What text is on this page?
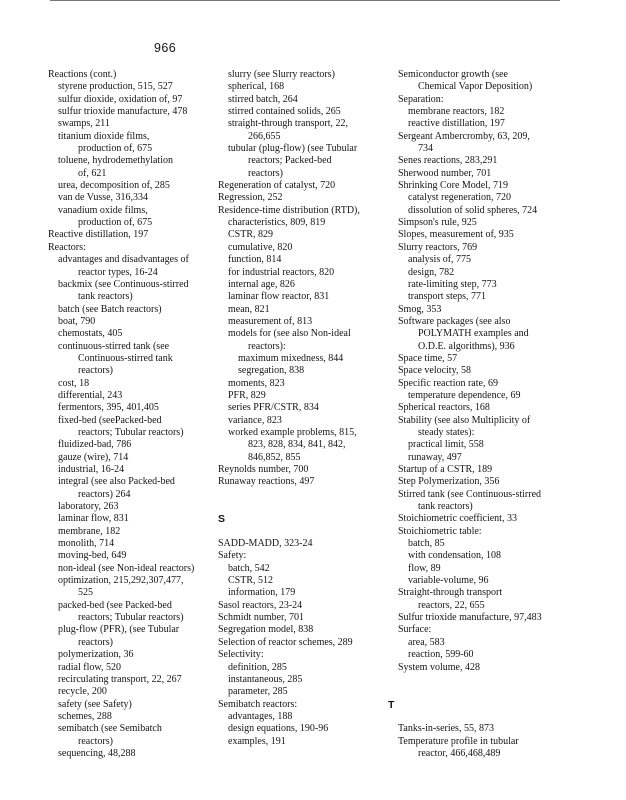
966
Reactions (cont.)
styrene production, 515, 527
sulfur dioxide, oxidation of, 97
sulfur trioxide manufacture, 478
swamps, 211
titanium dioxide films,
production of, 675
toluene, hydrodemethylation
of, 621
urea, decomposition of, 285
van de Vusse, 316,334
vanadium oxide films,
production of, 675
Reactive distillation, 197
Reactors:
advantages and disadvantages of
reactor types, 16-24
backmix (see Continuous-stirred
tank reactors)
batch (see Batch reactors)
boat, 790
chemostats, 405
continuous-stirred tank (see
Continuous-stirred tank
reactors)
cost, 18
differential, 243
fermentors, 395, 401,405
fixed-bed (seePacked-bed
reactors; Tubular reactors)
fluidized-bad, 786
gauze (wire), 714
industrial, 16-24
integral (see also Packed-bed
reactors) 264
laboratory, 263
laminar flow, 831
membrane, 182
monolith, 714
moving-bed, 649
non-ideal (see Non-ideal reactors)
optimization, 215,292,307,477,
525
packed-bed (see Packed-bed
reactors; Tubular reactors)
plug-flow (PFR), (see Tubular
reactors)
polymerization, 36
radial flow, 520
recirculating transport, 22, 267
recycle, 200
safety (see Safety)
schemes, 288
semibatch (see Semibatch
reactors)
sequencing, 48,288
slurry (see Slurry reactors)
spherical, 168
stirred batch, 264
stirred contained solids, 265
straight-through transport, 22,
266,655
tubular (plug-flow) (see Tubular
reactors; Packed-bed
reactors)
Regeneration of catalyst, 720
Regression, 252
Residence-time distribution (RTD),
characteristics, 809, 819
CSTR, 829
cumulative, 820
function, 814
for industrial reactors, 820
internal age, 826
laminar flow reactor, 831
mean, 821
measurement of, 813
models for (see also Non-ideal
reactors):
maximum mixedness, 844
segregation, 838
moments, 823
PFR, 829
series PFR/CSTR, 834
variance, 823
worked example problems, 815,
823, 828, 834, 841, 842,
846,852, 855
Reynolds number, 700
Runaway reactions, 497
S
SADD-MADD, 323-24
Safety:
batch, 542
CSTR, 512
information, 179
Sasol reactors, 23-24
Schmidt number, 701
Segregation model, 838
Selection of reactor schemes, 289
Selectivity:
definition, 285
instantaneous, 285
parameter, 285
Semibatch reactors:
advantages, 188
design equations, 190-96
examples, 191
Semiconductor growth (see
Chemical Vapor Deposition)
Separation:
membrane reactors, 182
reactive distillation, 197
Sergeant Ambercromby, 63, 209,
734
Senes reactions, 283,291
Sherwood number, 701
Shrinking Core Model, 719
catalyst regeneration, 720
dissolution of solid spheres, 724
Simpson's rule, 925
Slopes, measurement of, 935
Slurry reactors, 769
analysis of, 775
design, 782
rate-limiting step, 773
transport steps, 771
Smog, 353
Software packages (see also
POLYMATH examples and
O.D.E. algorithms), 936
Space time, 57
Space velocity, 58
Specific reaction rate, 69
temperature dependence, 69
Spherical reactors, 168
Stability (see also Multiplicity of
steady states):
practical limit, 558
runaway, 497
Startup of a CSTR, 189
Step Polymerization, 356
Stirred tank (see Continuous-stirred
tank reactors)
Stoichiometric coefficient, 33
Stoichiometric table:
batch, 85
with condensation, 108
flow, 89
variable-volume, 96
Straight-through transport
reactors, 22, 655
Sulfur trioxide manufacture, 97,483
Surface:
area, 583
reaction, 599-60
System volume, 428
T
Tanks-in-series, 55, 873
Temperature profile in tubular
reactor, 466,468,489
